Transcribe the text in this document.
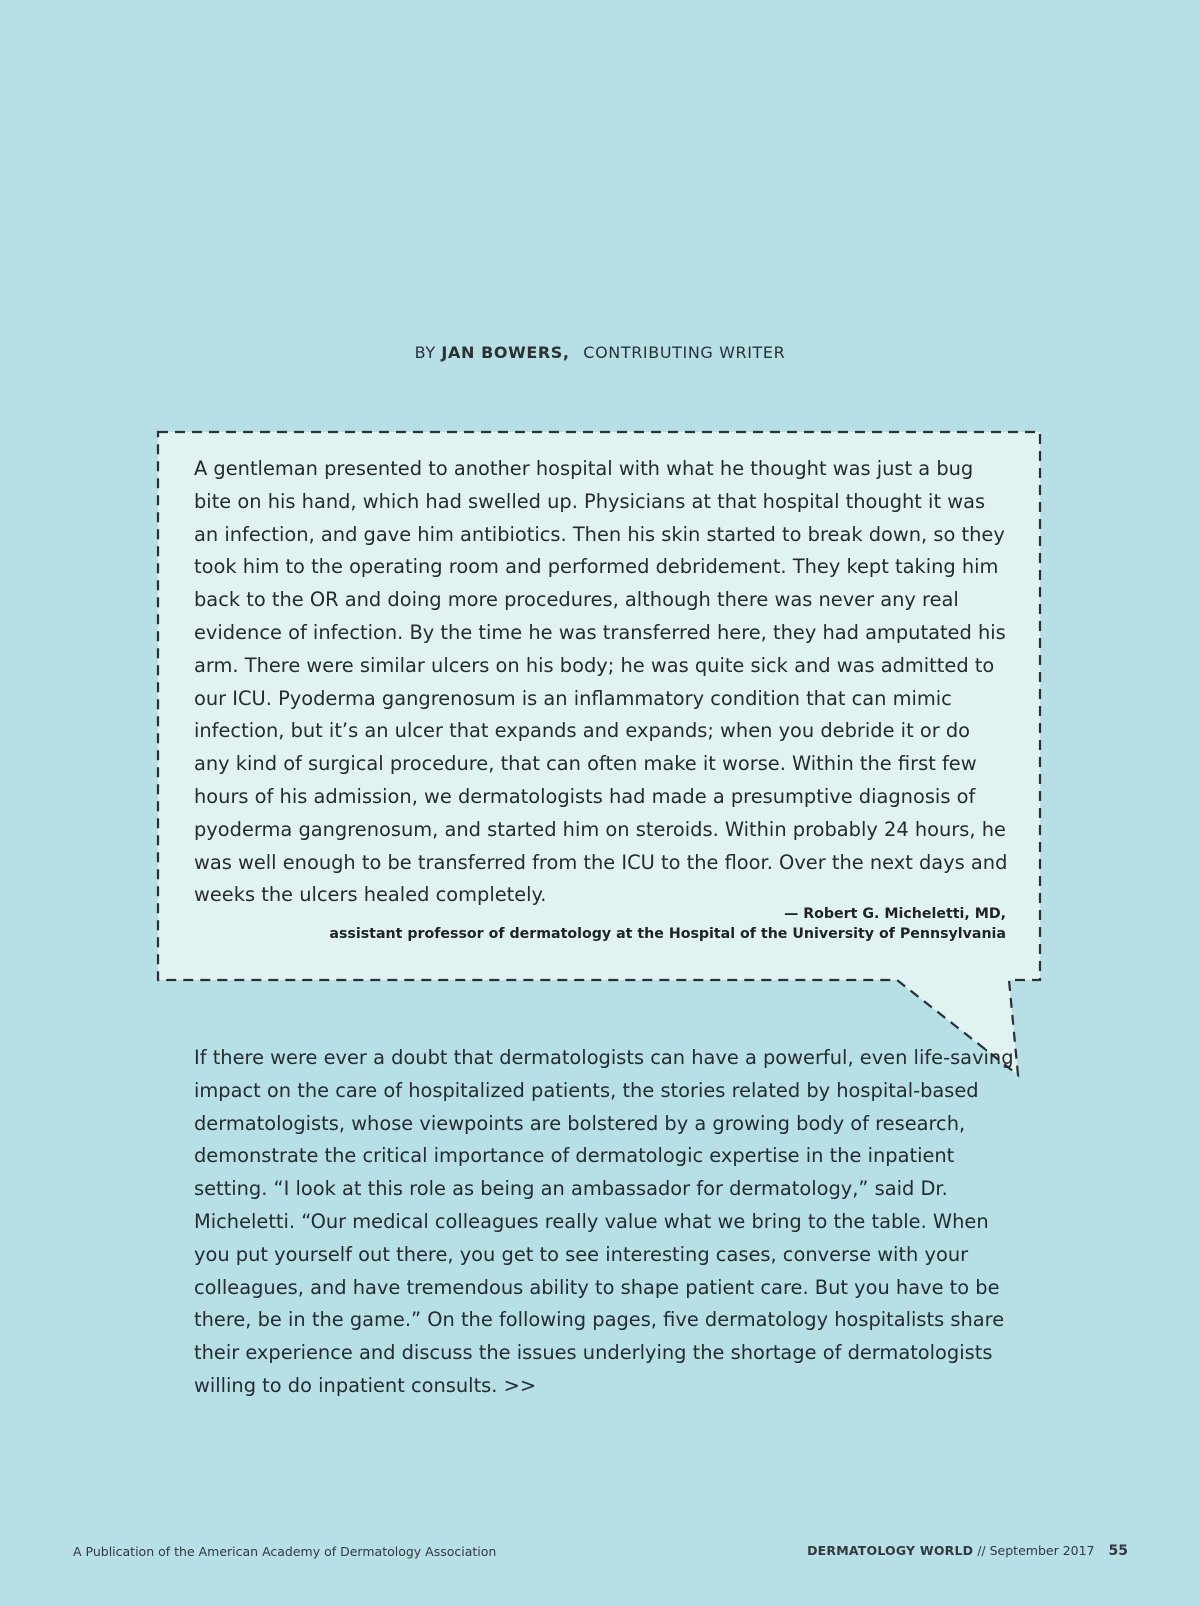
BY JAN BOWERS, CONTRIBUTING WRITER

A gentleman presented to another hospital with what he thought was just a bug bite on his hand, which had swelled up. Physicians at that hospital thought it was an infection, and gave him antibiotics. Then his skin started to break down, so they took him to the operating room and performed debridement. They kept taking him back to the OR and doing more procedures, although there was never any real evidence of infection. By the time he was transferred here, they had amputated his arm. There were similar ulcers on his body; he was quite sick and was admitted to our ICU. Pyoderma gangrenosum is an inflammatory condition that can mimic infection, but it’s an ulcer that expands and expands; when you debride it or do any kind of surgical procedure, that can often make it worse. Within the first few hours of his admission, we dermatologists had made a presumptive diagnosis of pyoderma gangrenosum, and started him on steroids. Within probably 24 hours, he was well enough to be transferred from the ICU to the floor. Over the next days and weeks the ulcers healed completely.

— Robert G. Micheletti, MD,
assistant professor of dermatology at the Hospital of the University of Pennsylvania

If there were ever a doubt that dermatologists can have a powerful, even life-saving impact on the care of hospitalized patients, the stories related by hospital-based dermatologists, whose viewpoints are bolstered by a growing body of research, demonstrate the critical importance of dermatologic expertise in the inpatient setting. “I look at this role as being an ambassador for dermatology,” said Dr. Micheletti. “Our medical colleagues really value what we bring to the table. When you put yourself out there, you get to see interesting cases, converse with your colleagues, and have tremendous ability to shape patient care. But you have to be there, be in the game.” On the following pages, five dermatology hospitalists share their experience and discuss the issues underlying the shortage of dermatologists willing to do inpatient consults. >>

A Publication of the American Academy of Dermatology Association	DERMATOLOGY WORLD // September 2017 55
